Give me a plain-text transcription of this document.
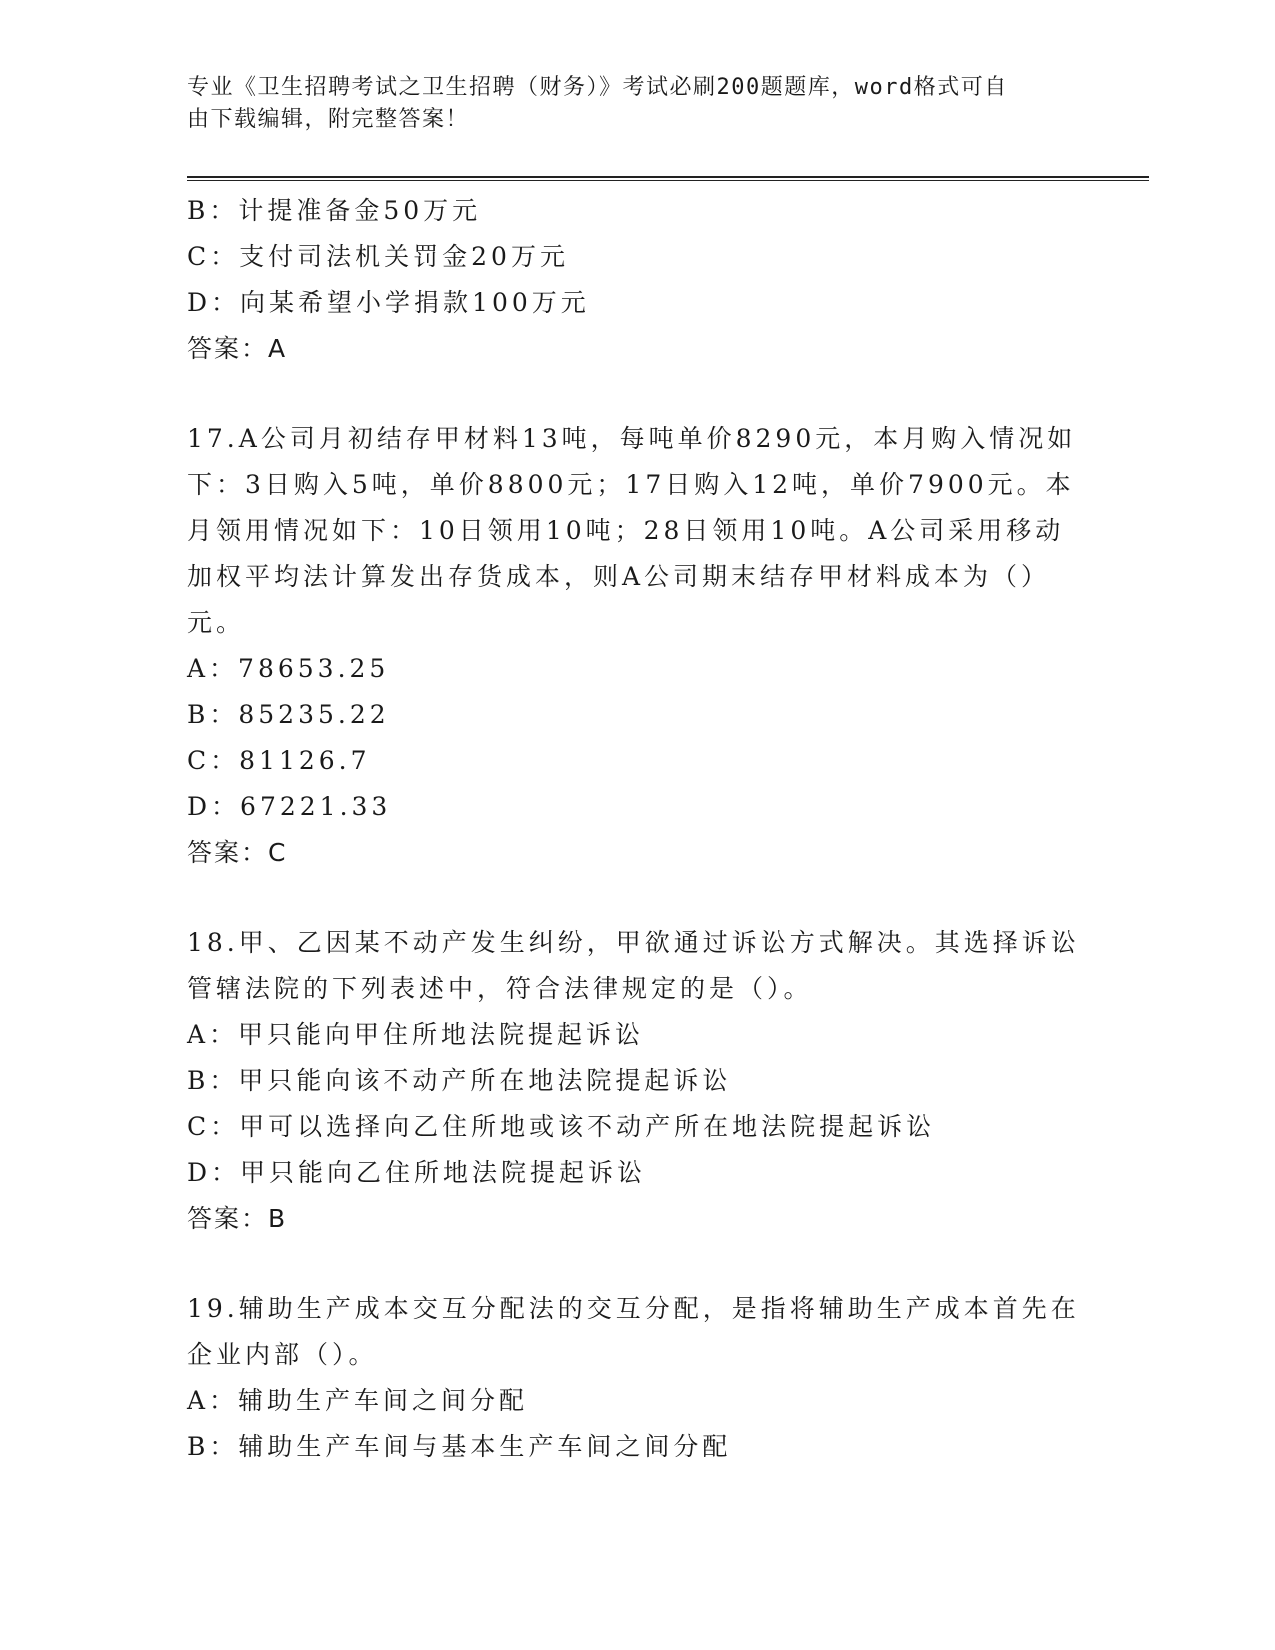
专业《卫生招聘考试之卫生招聘（财务）》考试必刷200题题库，word格式可自
由下载编辑，附完整答案！
B：计提准备金50万元
C：支付司法机关罚金20万元
D：向某希望小学捐款100万元
答案：A
17.A公司月初结存甲材料13吨，每吨单价8290元，本月购入情况如
下：3日购入5吨，单价8800元；17日购入12吨，单价7900元。本
月领用情况如下：10日领用10吨；28日领用10吨。A公司采用移动
加权平均法计算发出存货成本，则A公司期末结存甲材料成本为（）
元。
A：78653.25
B：85235.22
C：81126.7
D：67221.33
答案：C
18.甲、乙因某不动产发生纠纷，甲欲通过诉讼方式解决。其选择诉讼
管辖法院的下列表述中，符合法律规定的是（）。
A：甲只能向甲住所地法院提起诉讼
B：甲只能向该不动产所在地法院提起诉讼
C：甲可以选择向乙住所地或该不动产所在地法院提起诉讼
D：甲只能向乙住所地法院提起诉讼
答案：B
19.辅助生产成本交互分配法的交互分配，是指将辅助生产成本首先在
企业内部（）。
A：辅助生产车间之间分配
B：辅助生产车间与基本生产车间之间分配
